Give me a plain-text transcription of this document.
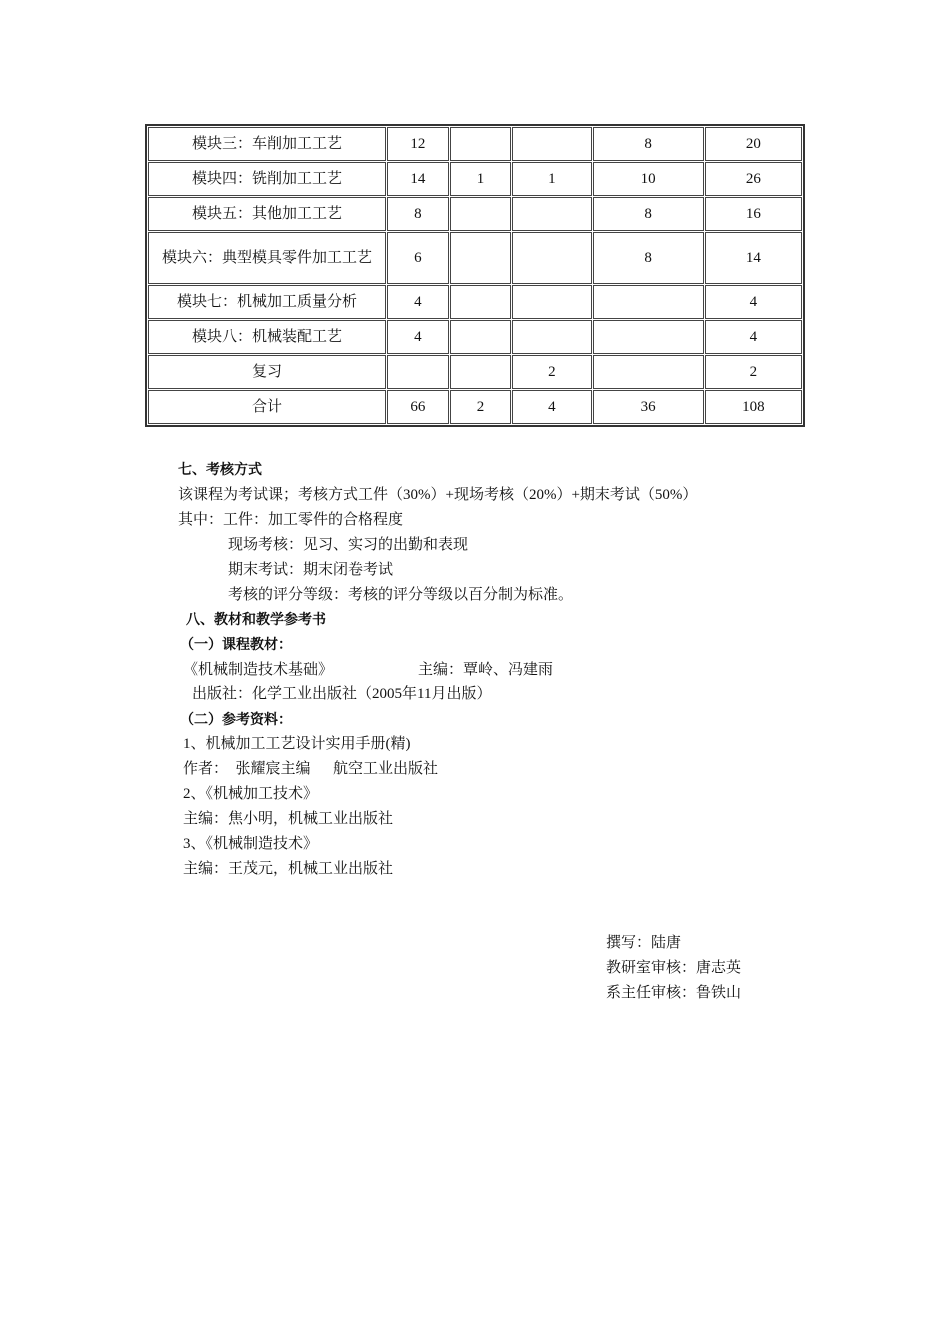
模块三：车削加工工艺	12			8	20
模块四：铣削加工工艺	14	1	1	10	26
模块五：其他加工工艺	8			8	16
模块六：典型模具零件加工工艺	6			8	14
模块七：机械加工质量分析	4				4
模块八：机械装配工艺	4				4
复习			2		2
合计	66	2	4	36	108
七、考核方式
该课程为考试课；考核方式工件（30%）+现场考核（20%）+期末考试（50%）
其中：工件：加工零件的合格程度
现场考核：见习、实习的出勤和表现
期末考试：期末闭卷考试
考核的评分等级：考核的评分等级以百分制为标准。
八、教材和教学参考书
（一）课程教材：
《机械制造技术基础》	主编：覃岭、冯建雨
出版社：化学工业出版社（2005年11月出版）
（二）参考资料：
1、机械加工工艺设计实用手册(精)
作者：  张耀宸主编      航空工业出版社
2、《机械加工技术》
主编：焦小明，机械工业出版社
3、《机械制造技术》
主编：王茂元，机械工业出版社
撰写：陆唐
教研室审核：唐志英
系主任审核：鲁铁山
